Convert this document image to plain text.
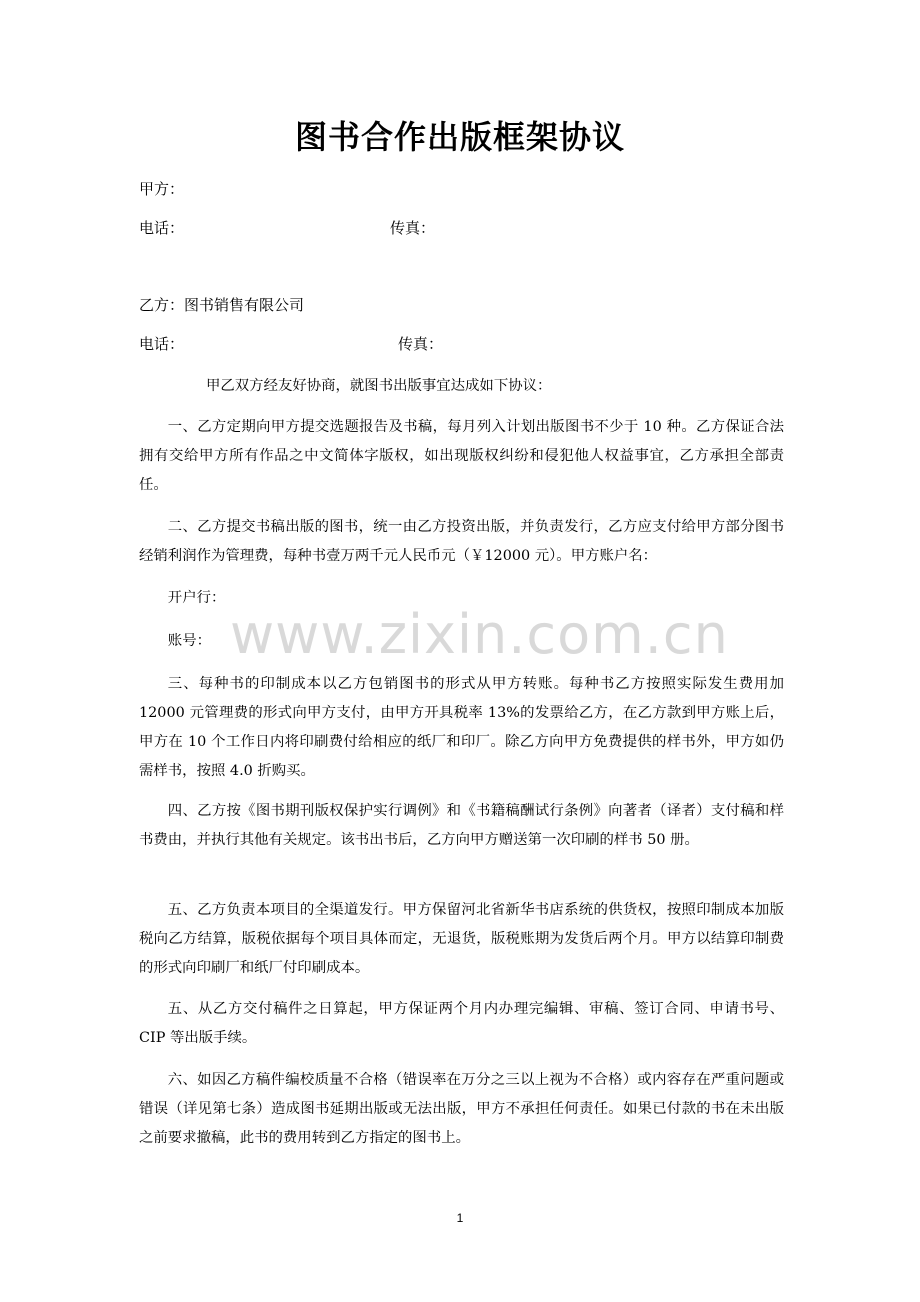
www.zixin.com.cn
图书合作出版框架协议
甲方：
电话：	传真：
乙方：图书销售有限公司
电话：	传真：

甲乙双方经友好协商，就图书出版事宜达成如下协议：

一、乙方定期向甲方提交选题报告及书稿，每月列入计划出版图书不少于 10 种。乙方保证合法拥有交给甲方所有作品之中文简体字版权，如出现版权纠纷和侵犯他人权益事宜，乙方承担全部责任。

二、乙方提交书稿出版的图书，统一由乙方投资出版，并负责发行，乙方应支付给甲方部分图书经销利润作为管理费，每种书壹万两千元人民币元（￥12000 元）。甲方账户名：

开户行：

账号：

三、每种书的印制成本以乙方包销图书的形式从甲方转账。每种书乙方按照实际发生费用加 12000 元管理费的形式向甲方支付，由甲方开具税率 13%的发票给乙方，在乙方款到甲方账上后，甲方在 10 个工作日内将印刷费付给相应的纸厂和印厂。除乙方向甲方免费提供的样书外，甲方如仍需样书，按照 4.0 折购买。

四、乙方按《图书期刊版权保护实行调例》和《书籍稿酬试行条例》向著者（译者）支付稿和样书费由，并执行其他有关规定。该书出书后，乙方向甲方赠送第一次印刷的样书 50 册。

五、乙方负责本项目的全渠道发行。甲方保留河北省新华书店系统的供货权，按照印制成本加版税向乙方结算，版税依据每个项目具体而定，无退货，版税账期为发货后两个月。甲方以结算印制费的形式向印刷厂和纸厂付印刷成本。

五、从乙方交付稿件之日算起，甲方保证两个月内办理完编辑、审稿、签订合同、申请书号、CIP 等出版手续。

六、如因乙方稿件编校质量不合格（错误率在万分之三以上视为不合格）或内容存在严重问题或错误（详见第七条）造成图书延期出版或无法出版，甲方不承担任何责任。如果已付款的书在未出版之前要求撤稿，此书的费用转到乙方指定的图书上。

1
